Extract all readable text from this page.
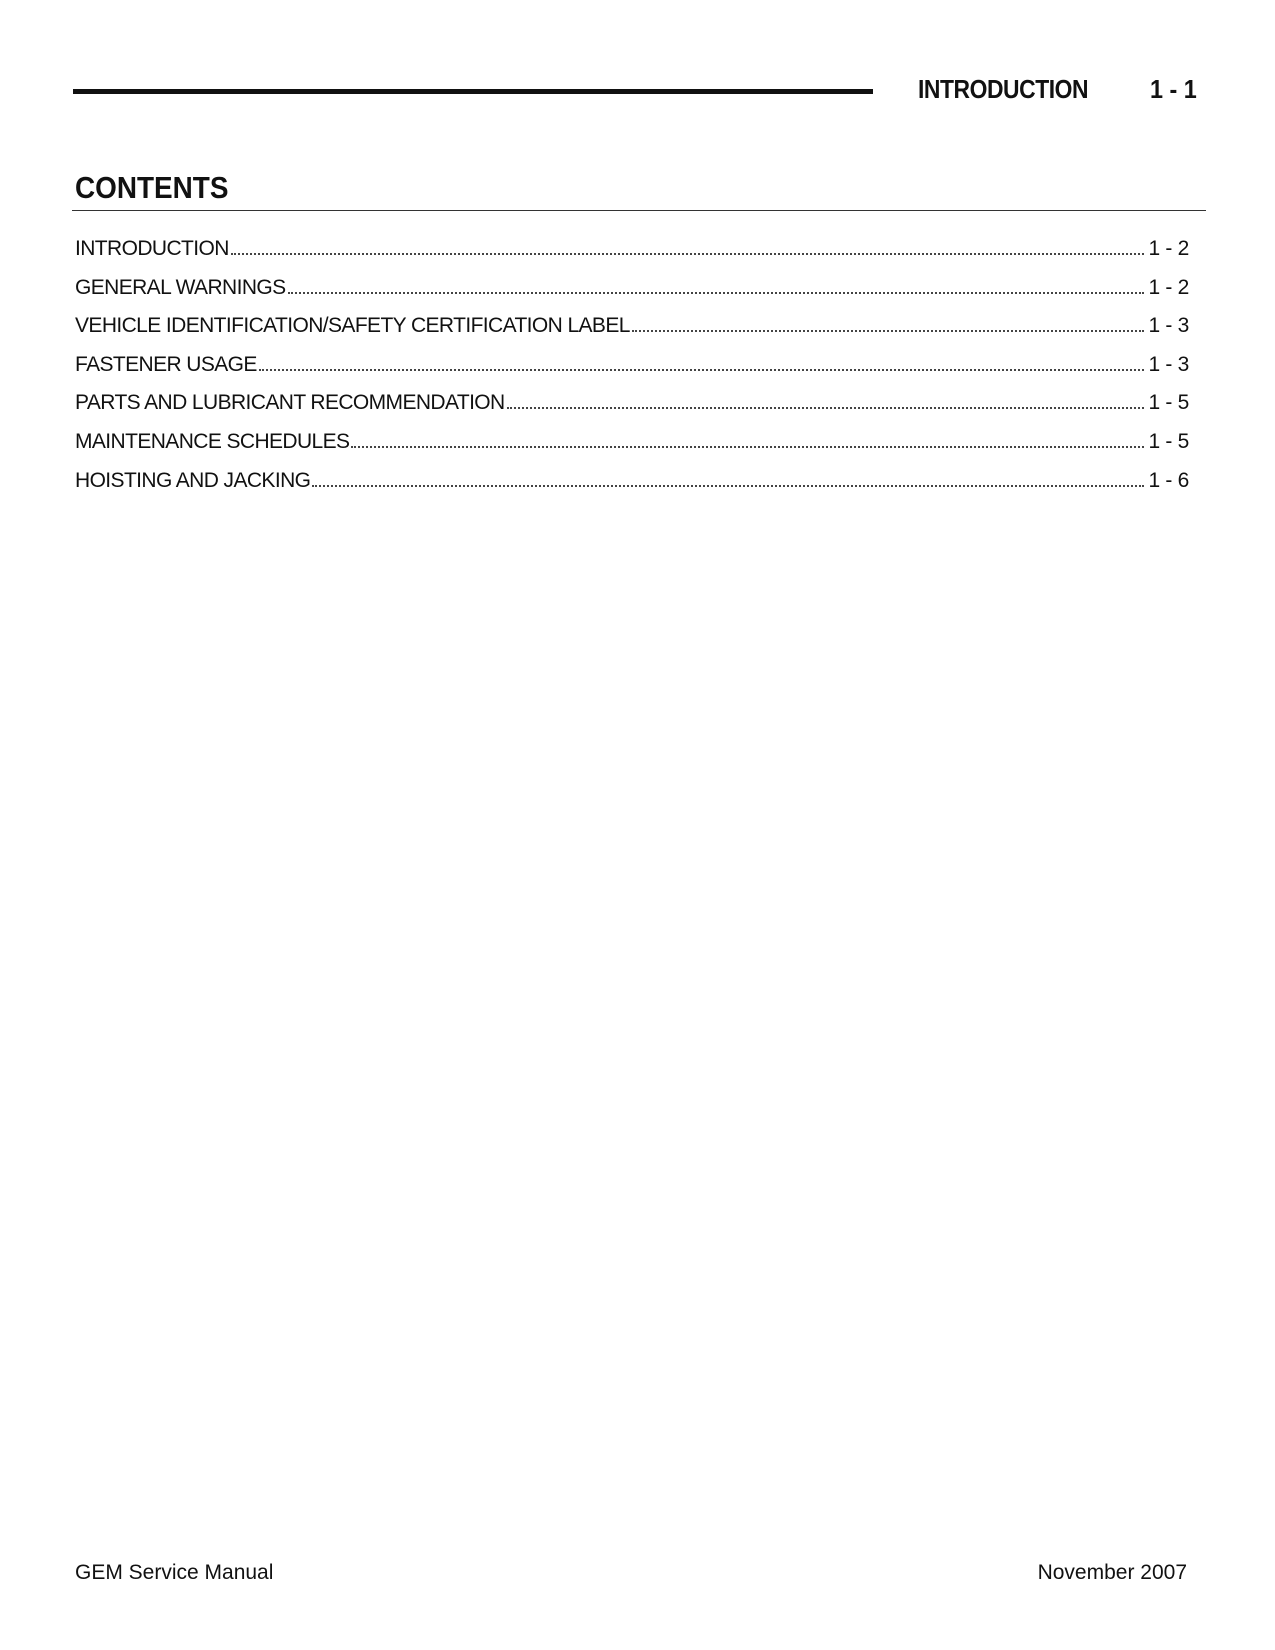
INTRODUCTION 1 - 1
CONTENTS
INTRODUCTION	1 - 2
GENERAL WARNINGS	1 - 2
VEHICLE IDENTIFICATION/SAFETY CERTIFICATION LABEL	1 - 3
FASTENER USAGE	1 - 3
PARTS AND LUBRICANT RECOMMENDATION	1 - 5
MAINTENANCE SCHEDULES	1 - 5
HOISTING AND JACKING	1 - 6
GEM Service Manual	November 2007
